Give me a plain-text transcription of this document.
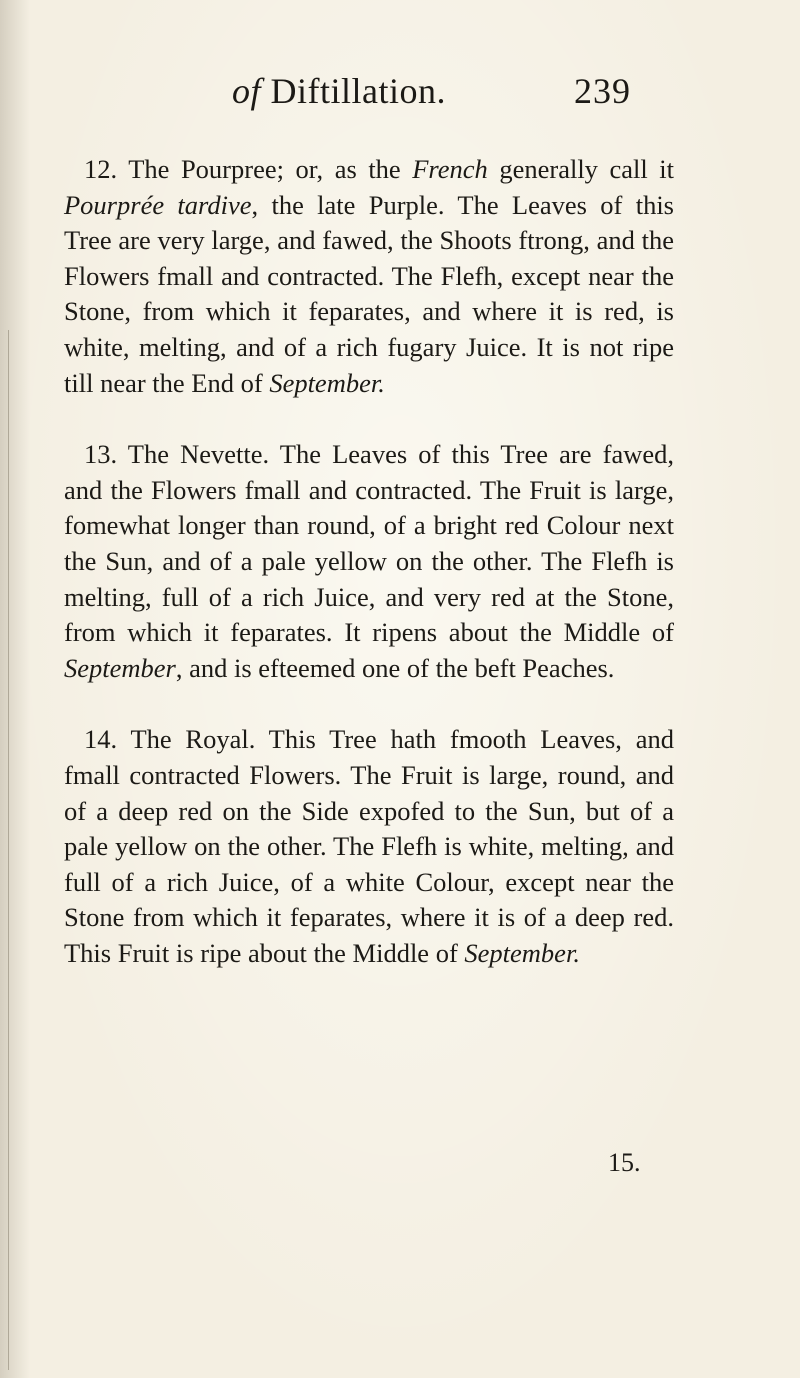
of Diftillation.	239

12. The Pourpree; or, as the French generally call it Pourprée tardive, the late Purple. The Leaves of this Tree are very large, and fawed, the Shoots ftrong, and the Flowers fmall and contracted. The Flefh, except near the Stone, from which it feparates, and where it is red, is white, melting, and of a rich fugary Juice. It is not ripe till near the End of September.

13. The Nevette. The Leaves of this Tree are fawed, and the Flowers fmall and contracted. The Fruit is large, fomewhat longer than round, of a bright red Colour next the Sun, and of a pale yellow on the other. The Flefh is melting, full of a rich Juice, and very red at the Stone, from which it feparates. It ripens about the Middle of September, and is efteemed one of the beft Peaches.

14. The Royal. This Tree hath fmooth Leaves, and fmall contracted Flowers. The Fruit is large, round, and of a deep red on the Side expofed to the Sun, but of a pale yellow on the other. The Flefh is white, melting, and full of a rich Juice, of a white Colour, except near the Stone from which it feparates, where it is of a deep red. This Fruit is ripe about the Middle of September.

15.
